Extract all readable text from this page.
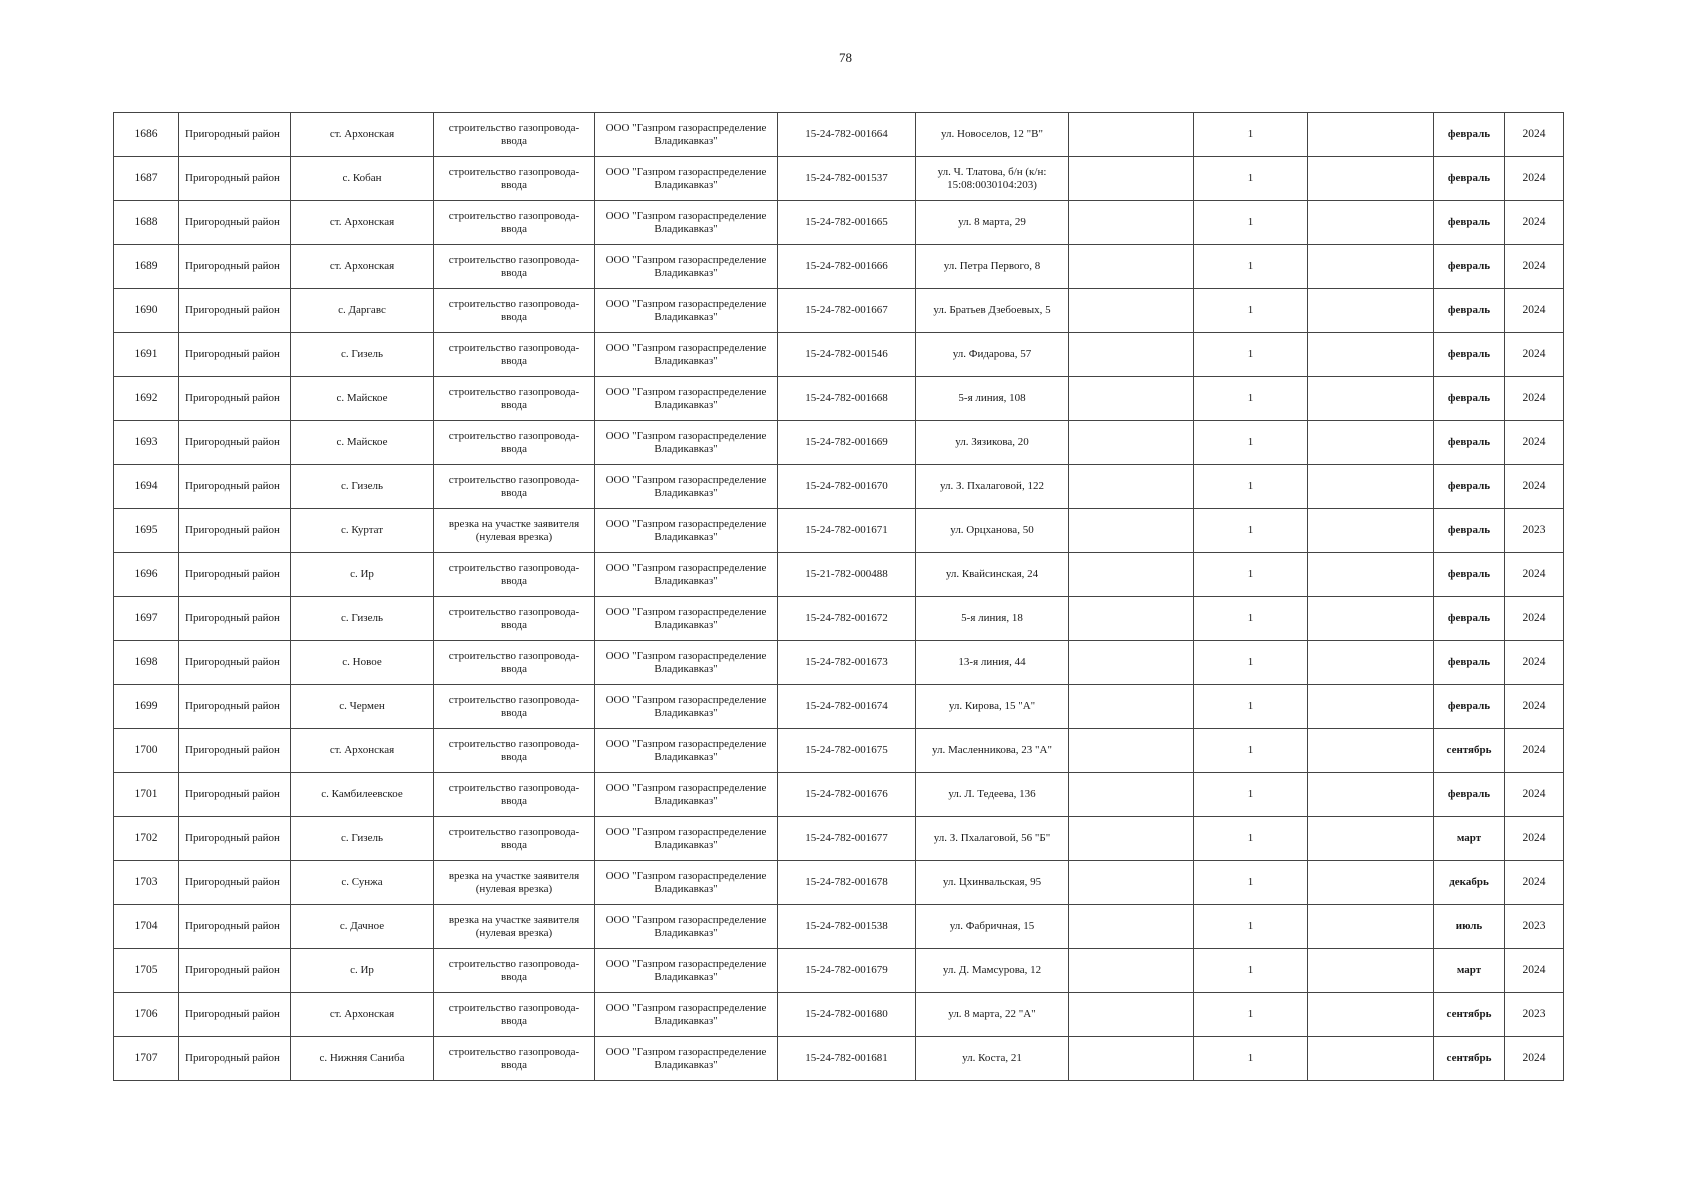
78
1686	Пригородный район	ст. Архонская	строительство газопровода-ввода	ООО "Газпром газораспределение Владикавказ"	15-24-782-001664	ул. Новоселов, 12 "В"		1		февраль	2024
1687	Пригородный район	с. Кобан	строительство газопровода-ввода	ООО "Газпром газораспределение Владикавказ"	15-24-782-001537	ул. Ч. Тлатова, б/н (к/н: 15:08:0030104:203)		1		февраль	2024
1688	Пригородный район	ст. Архонская	строительство газопровода-ввода	ООО "Газпром газораспределение Владикавказ"	15-24-782-001665	ул. 8 марта, 29		1		февраль	2024
1689	Пригородный район	ст. Архонская	строительство газопровода-ввода	ООО "Газпром газораспределение Владикавказ"	15-24-782-001666	ул. Петра Первого, 8		1		февраль	2024
1690	Пригородный район	с. Даргавс	строительство газопровода-ввода	ООО "Газпром газораспределение Владикавказ"	15-24-782-001667	ул. Братьев Дзебоевых, 5		1		февраль	2024
1691	Пригородный район	с. Гизель	строительство газопровода-ввода	ООО "Газпром газораспределение Владикавказ"	15-24-782-001546	ул. Фидарова, 57		1		февраль	2024
1692	Пригородный район	с. Майское	строительство газопровода-ввода	ООО "Газпром газораспределение Владикавказ"	15-24-782-001668	5-я линия, 108		1		февраль	2024
1693	Пригородный район	с. Майское	строительство газопровода-ввода	ООО "Газпром газораспределение Владикавказ"	15-24-782-001669	ул. Зязикова, 20		1		февраль	2024
1694	Пригородный район	с. Гизель	строительство газопровода-ввода	ООО "Газпром газораспределение Владикавказ"	15-24-782-001670	ул. З. Пхалаговой, 122		1		февраль	2024
1695	Пригородный район	с. Куртат	врезка на участке заявителя (нулевая врезка)	ООО "Газпром газораспределение Владикавказ"	15-24-782-001671	ул. Орцханова, 50		1		февраль	2023
1696	Пригородный район	с. Ир	строительство газопровода-ввода	ООО "Газпром газораспределение Владикавказ"	15-21-782-000488	ул. Квайсинская, 24		1		февраль	2024
1697	Пригородный район	с. Гизель	строительство газопровода-ввода	ООО "Газпром газораспределение Владикавказ"	15-24-782-001672	5-я линия, 18		1		февраль	2024
1698	Пригородный район	с. Новое	строительство газопровода-ввода	ООО "Газпром газораспределение Владикавказ"	15-24-782-001673	13-я линия, 44		1		февраль	2024
1699	Пригородный район	с. Чермен	строительство газопровода-ввода	ООО "Газпром газораспределение Владикавказ"	15-24-782-001674	ул. Кирова, 15 "А"		1		февраль	2024
1700	Пригородный район	ст. Архонская	строительство газопровода-ввода	ООО "Газпром газораспределение Владикавказ"	15-24-782-001675	ул. Масленникова, 23 "А"		1		сентябрь	2024
1701	Пригородный район	с. Камбилеевское	строительство газопровода-ввода	ООО "Газпром газораспределение Владикавказ"	15-24-782-001676	ул. Л. Тедеева, 136		1		февраль	2024
1702	Пригородный район	с. Гизель	строительство газопровода-ввода	ООО "Газпром газораспределение Владикавказ"	15-24-782-001677	ул. З. Пхалаговой, 56 "Б"		1		март	2024
1703	Пригородный район	с. Сунжа	врезка на участке заявителя (нулевая врезка)	ООО "Газпром газораспределение Владикавказ"	15-24-782-001678	ул. Цхинвальская, 95		1		декабрь	2024
1704	Пригородный район	с. Дачное	врезка на участке заявителя (нулевая врезка)	ООО "Газпром газораспределение Владикавказ"	15-24-782-001538	ул. Фабричная, 15		1		июль	2023
1705	Пригородный район	с. Ир	строительство газопровода-ввода	ООО "Газпром газораспределение Владикавказ"	15-24-782-001679	ул. Д. Мамсурова, 12		1		март	2024
1706	Пригородный район	ст. Архонская	строительство газопровода-ввода	ООО "Газпром газораспределение Владикавказ"	15-24-782-001680	ул. 8 марта, 22 "А"		1		сентябрь	2023
1707	Пригородный район	с. Нижняя Саниба	строительство газопровода-ввода	ООО "Газпром газораспределение Владикавказ"	15-24-782-001681	ул. Коста, 21		1		сентябрь	2024
